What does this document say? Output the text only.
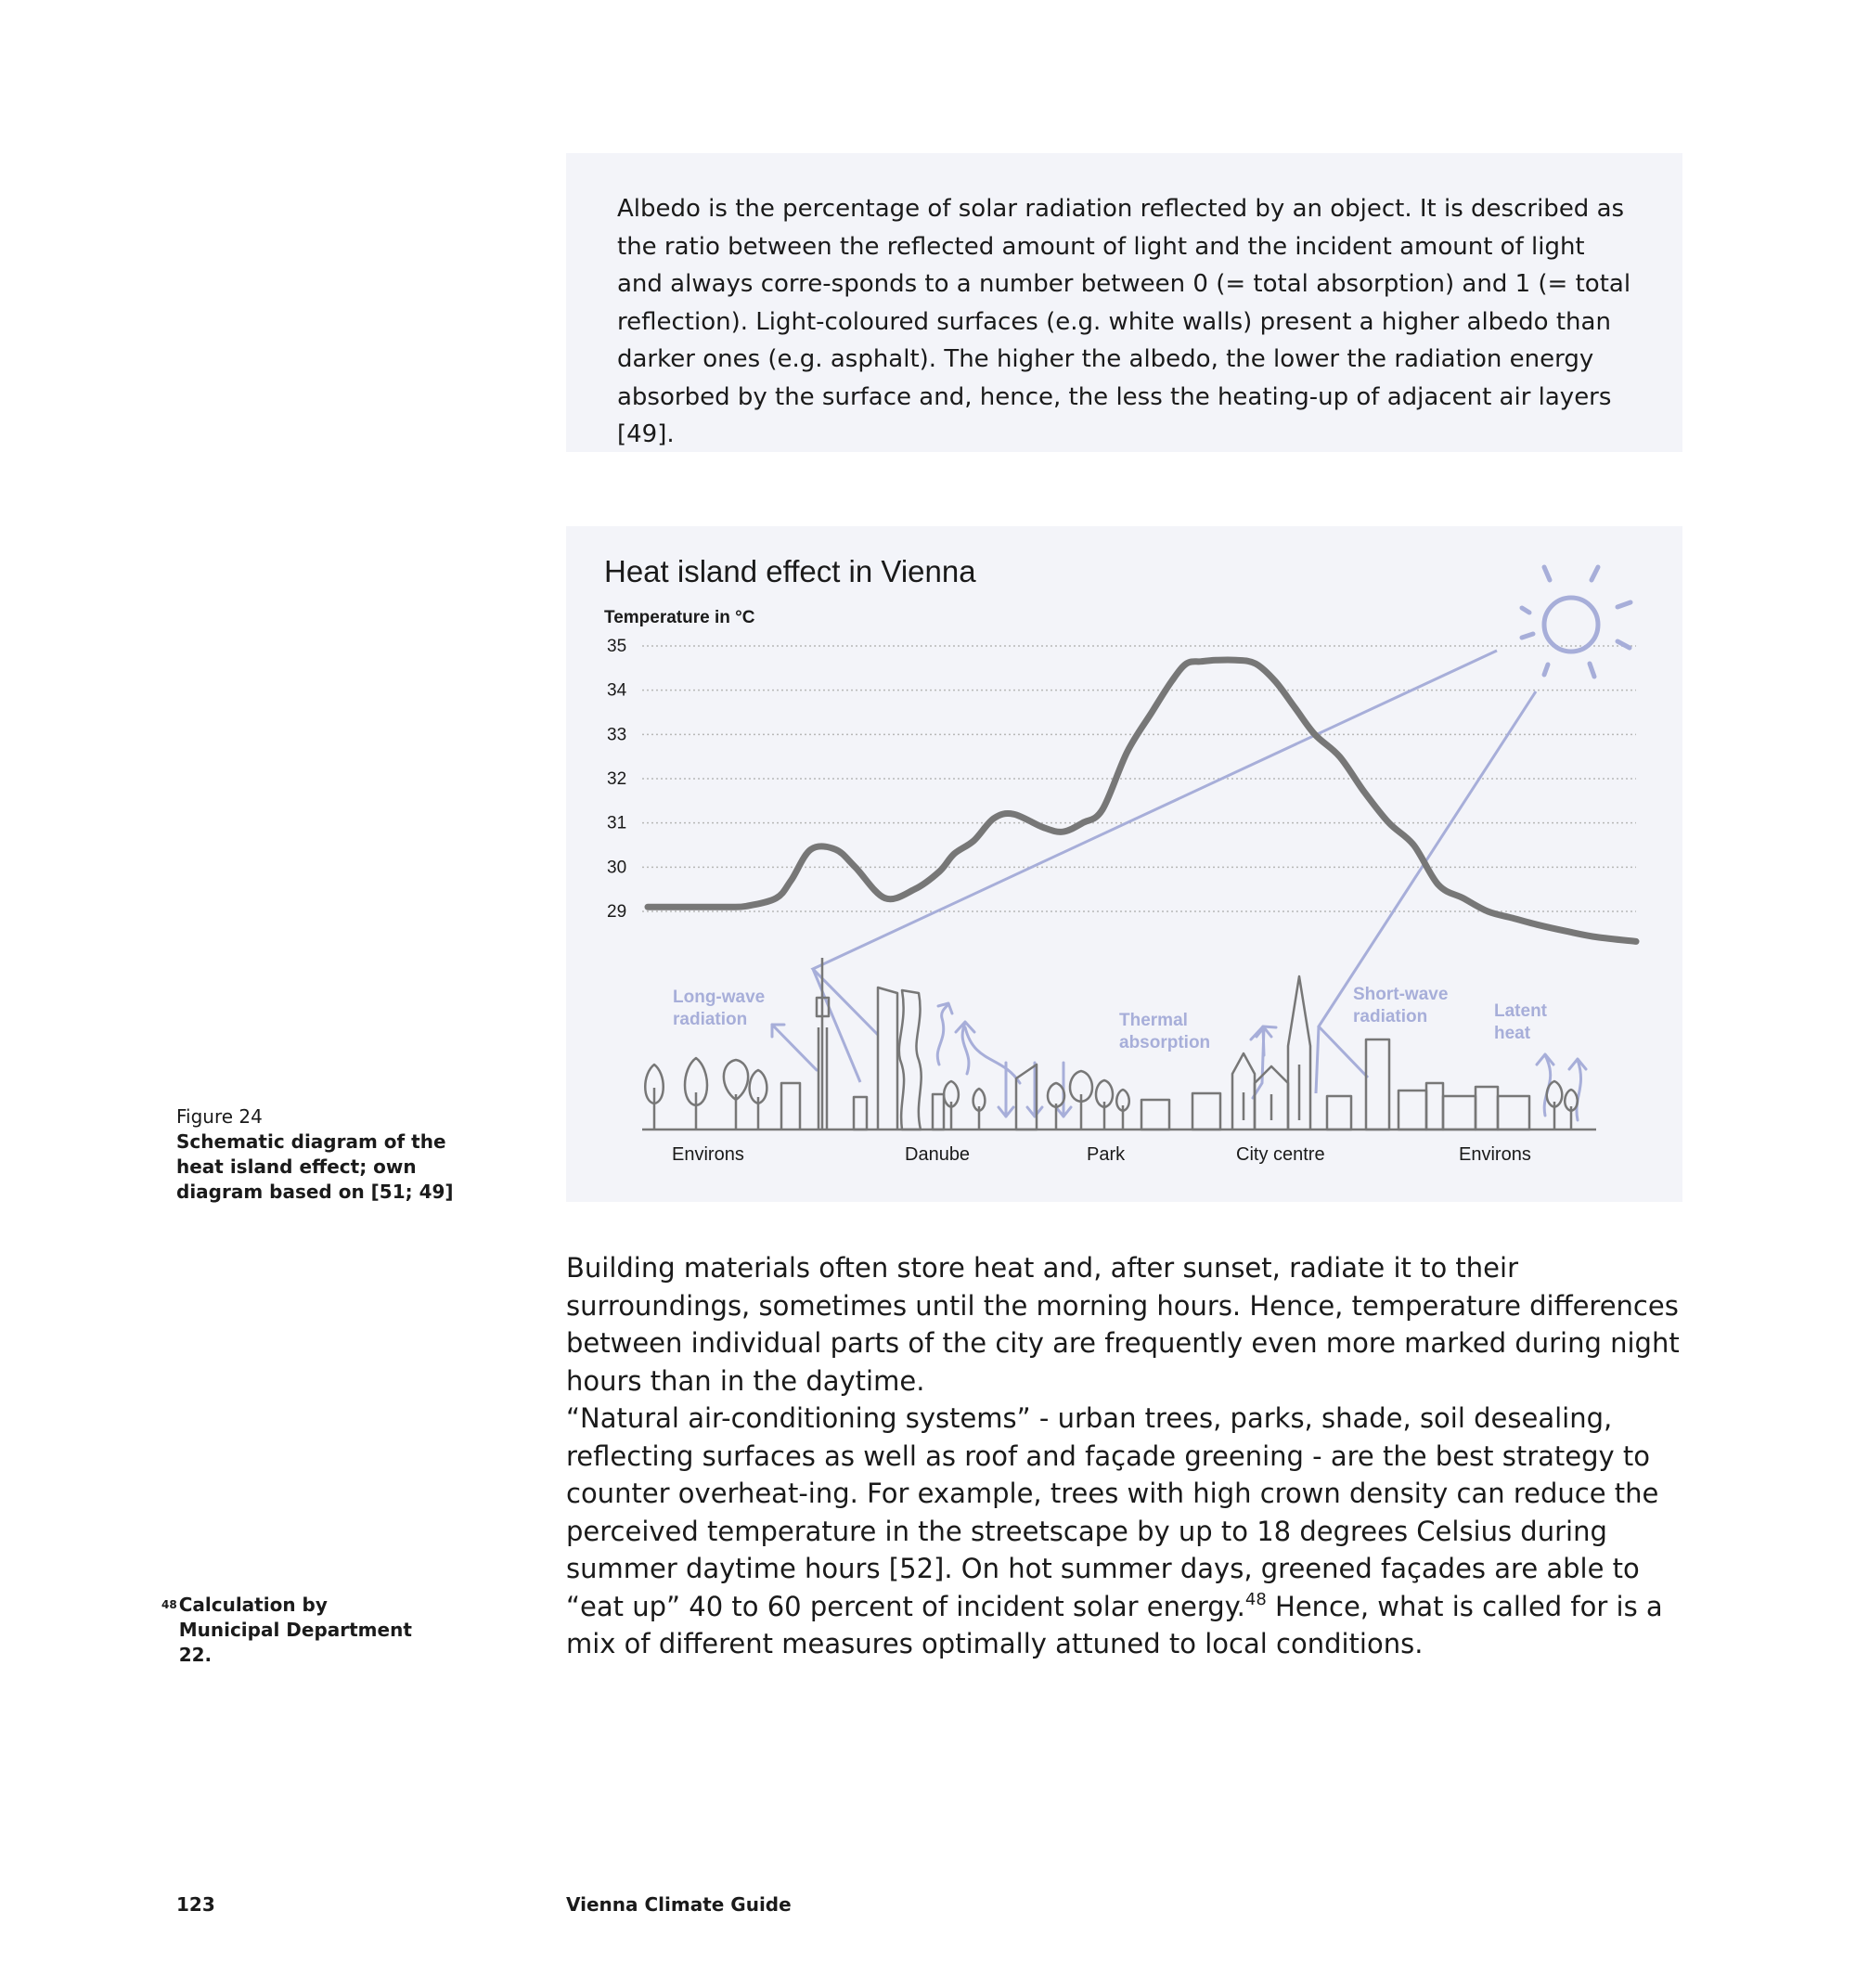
Albedo is the percentage of solar radiation reflected by an object. It is described as the ratio between the reflected amount of light and the incident amount of light and always corre-sponds to a number between 0 (= total absorption) and 1 (= total reflection). Light-coloured surfaces (e.g. white walls) present a higher albedo than darker ones (e.g. asphalt). The higher the albedo, the lower the radiation energy absorbed by the surface and, hence, the less the heating-up of adjacent air layers [49].

Heat island effect in Vienna
Temperature in °C
35
34
33
32
31
30
29
Long-wave radiation	Thermal absorption
Short-wave radiation	Latent heat
Environs	Danube	Park	City centre	Environs
Figure 24
Schematic diagram of the heat island effect; own diagram based on [51; 49]

Building materials often store heat and, after sunset, radiate it to their surroundings, sometimes until the morning hours. Hence, temperature differences between individual parts of the city are frequently even more marked during night hours than in the daytime.

“Natural air-conditioning systems” - urban trees, parks, shade, soil desealing, reflecting surfaces as well as roof and façade greening - are the best strategy to counter overheat-ing. For example, trees with high crown density can reduce the perceived temperature in the streetscape by up to 18 degrees Celsius during summer daytime hours [52]. On hot summer days, greened façades are able to “eat up” 40 to 60 percent of incident solar energy.$^{48}$ Hence, what is called for is a mix of different measures optimally attuned to local conditions.

$^{48}$ Calculation by Municipal Department 22.
123	Vienna Climate Guide
